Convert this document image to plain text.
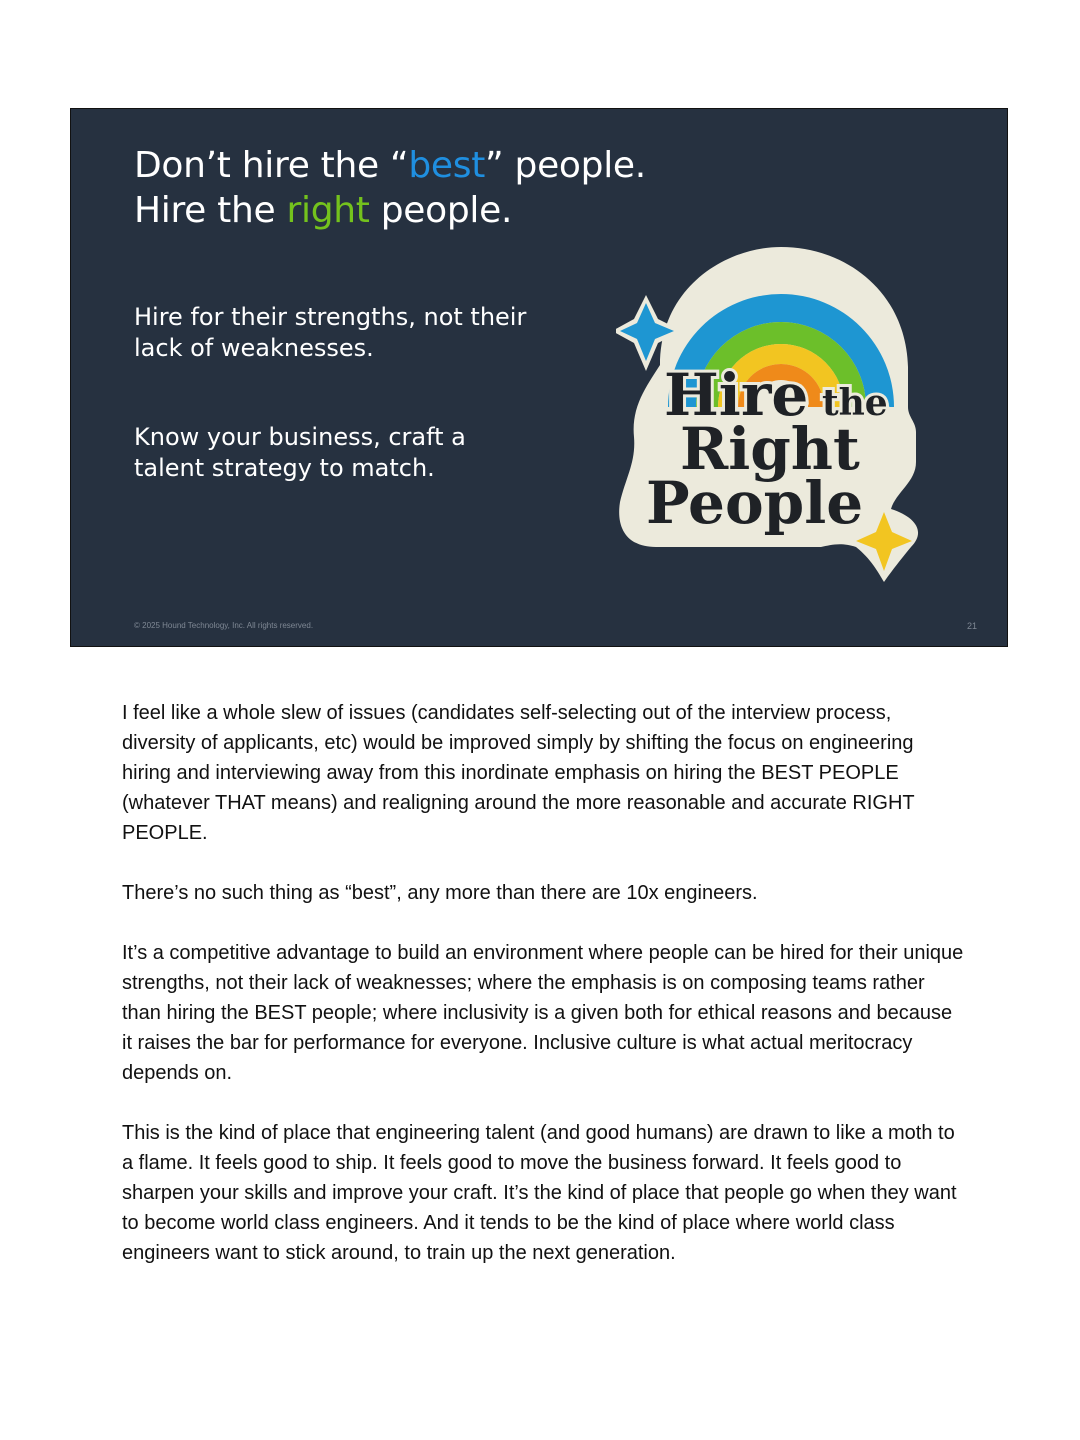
Don’t hire the “best” people.
Hire the right people.
Hire for their strengths, not their lack of weaknesses.
Know your business, craft a talent strategy to match.
Hire the
Right
People
© 2025 Hound Technology, Inc. All rights reserved.	21

I feel like a whole slew of issues (candidates self-selecting out of the interview process, diversity of applicants, etc) would be improved simply by shifting the focus on engineering hiring and interviewing away from this inordinate emphasis on hiring the BEST PEOPLE (whatever THAT means) and realigning around the more reasonable and accurate RIGHT PEOPLE.

There’s no such thing as “best”, any more than there are 10x engineers.

It’s a competitive advantage to build an environment where people can be hired for their unique strengths, not their lack of weaknesses; where the emphasis is on composing teams rather than hiring the BEST people; where inclusivity is a given both for ethical reasons and because it raises the bar for performance for everyone. Inclusive culture is what actual meritocracy depends on.

This is the kind of place that engineering talent (and good humans) are drawn to like a moth to a flame. It feels good to ship. It feels good to move the business forward. It feels good to sharpen your skills and improve your craft. It’s the kind of place that people go when they want to become world class engineers. And it tends to be the kind of place where world class engineers want to stick around, to train up the next generation.
